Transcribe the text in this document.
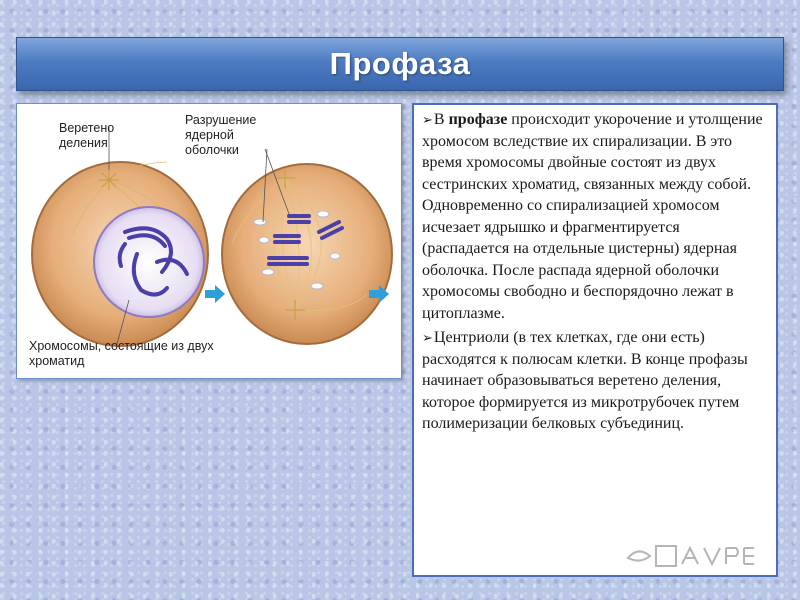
Профаза
Веретено деления
Разрушение ядерной оболочки
Хромосомы, состоящие из двух хроматид

➢В профазе происходит укорочение и утолщение хромосом вследствие их спирализации. В это время хромосомы двойные состоят из двух сестринских хроматид, связанных между собой. Одновременно со спирализацией хромосом исчезает ядрышко и фрагментируется (распадается на отдельные цистерны) ядерная оболочка. После распада ядерной оболочки хромосомы свободно и беспорядочно лежат в цитоплазме.

➢Центриоли (в тех клетках, где они есть) расходятся к полюсам клетки. В конце профазы начинает образовываться веретено деления, которое формируется из микротрубочек путем полимеризации белковых субъединиц.
